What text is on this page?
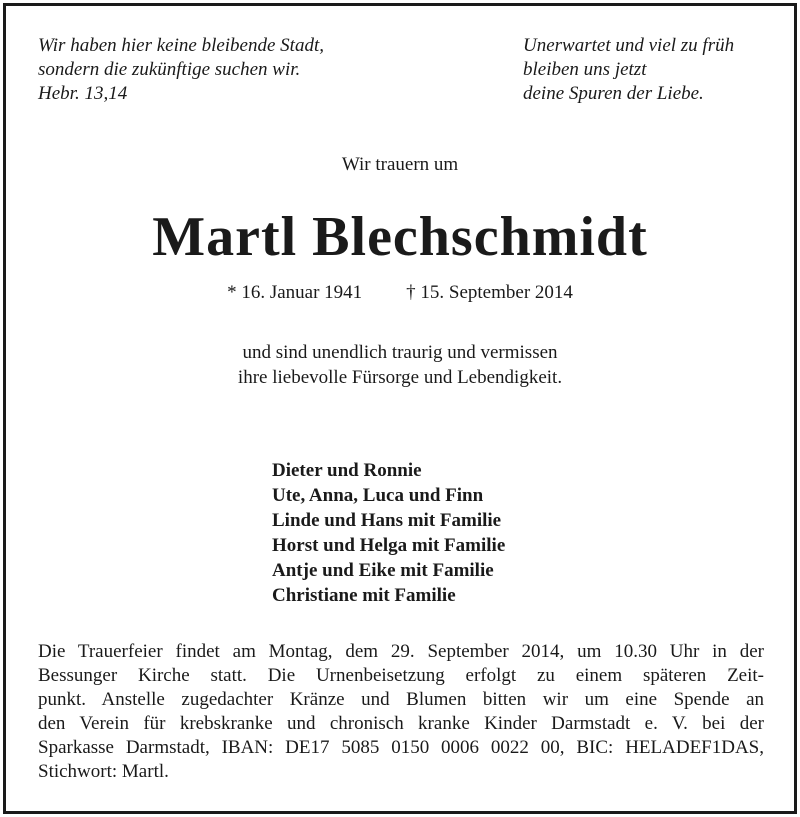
Wir haben hier keine bleibende Stadt,
sondern die zukünftige suchen wir.
Hebr. 13,14
Unerwartet und viel zu früh
bleiben uns jetzt
deine Spuren der Liebe.
Wir trauern um
Martl Blechschmidt
* 16. Januar 1941 † 15. September 2014
und sind unendlich traurig und vermissen
ihre liebevolle Fürsorge und Lebendigkeit.
Dieter und Ronnie
Ute, Anna, Luca und Finn
Linde und Hans mit Familie
Horst und Helga mit Familie
Antje und Eike mit Familie
Christiane mit Familie
Die Trauerfeier findet am Montag, dem 29. September 2014, um 10.30 Uhr in der
Bessunger Kirche statt. Die Urnenbeisetzung erfolgt zu einem späteren Zeit-
punkt. Anstelle zugedachter Kränze und Blumen bitten wir um eine Spende an
den Verein für krebskranke und chronisch kranke Kinder Darmstadt e. V. bei der
Sparkasse Darmstadt, IBAN: DE17 5085 0150 0006 0022 00, BIC: HELADEF1DAS,
Stichwort: Martl.
